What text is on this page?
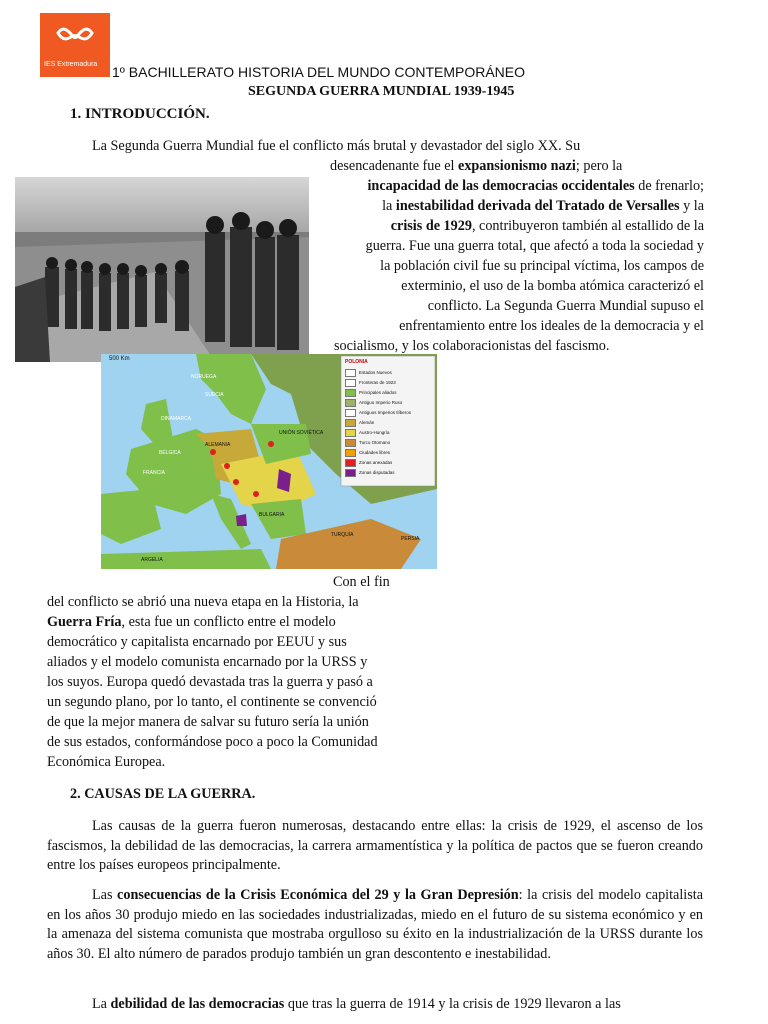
IES Extremadura 1º BACHILLERATO HISTORIA DEL MUNDO CONTEMPORÁNEO
SEGUNDA GUERRA MUNDIAL 1939-1945
1. INTRODUCCIÓN.
La Segunda Guerra Mundial fue el conflicto más brutal y devastador del siglo XX. Su
desencadenante fue el expansionismo nazi; pero la
incapacidad de las democracias occidentales de frenarlo;
la inestabilidad derivada del Tratado de Versalles y la
crisis de 1929, contribuyeron también al estallido de la
guerra. Fue una guerra total, que afectó a toda la sociedad y
la población civil fue su principal víctima, los campos de
exterminio, el uso de la bomba atómica caracterizó el
conflicto. La Segunda Guerra Mundial supuso el
enfrentamiento entre los ideales de la democracia y el
socialismo, y los colaboracionistas del fascismo.
500 Km	POLONIA
Estados Nuevos
Fronteras de 1923
Principales aliados
Antiguo Imperio Ruso
Antiguos Imperios Ilíberos
Alemán
Austro-Hungría
Turco Otomano
Ciudades libres
Zonas anexadas
Zonas disputadas
UNIÓN SOVIÉTICA
DINAMARCA
SUECIA
NORUEGA
ALEMANIA
BÉLGICA
FRANCIA
BULGARIA
TURQUÍA
PERSIA
ARGELIA
Con el fin
del conflicto se abrió una nueva etapa en la Historia, la
Guerra Fría, esta fue un conflicto entre el modelo
democrático y capitalista encarnado por EEUU y sus
aliados y el modelo comunista encarnado por la URSS y
los suyos. Europa quedó devastada tras la guerra y pasó a
un segundo plano, por lo tanto, el continente se convenció
de que la mejor manera de salvar su futuro sería la unión
de sus estados, conformándose poco a poco la Comunidad
Económica Europea.
2. CAUSAS DE LA GUERRA.
Las causas de la guerra fueron numerosas, destacando entre ellas: la crisis de 1929, el ascenso de los fascismos, la debilidad de las democracias, la carrera armamentística y la política de pactos que se fueron creando entre los países europeos principalmente.
Las consecuencias de la Crisis Económica del 29 y la Gran Depresión: la crisis del modelo capitalista en los años 30 produjo miedo en las sociedades industrializadas, miedo en el futuro de su sistema económico y en la amenaza del sistema comunista que mostraba orgulloso su éxito en la industrialización de la URSS durante los años 30. El alto número de parados produjo también un gran descontento e inestabilidad.
La debilidad de las democracias que tras la guerra de 1914 y la crisis de 1929 llevaron a las
